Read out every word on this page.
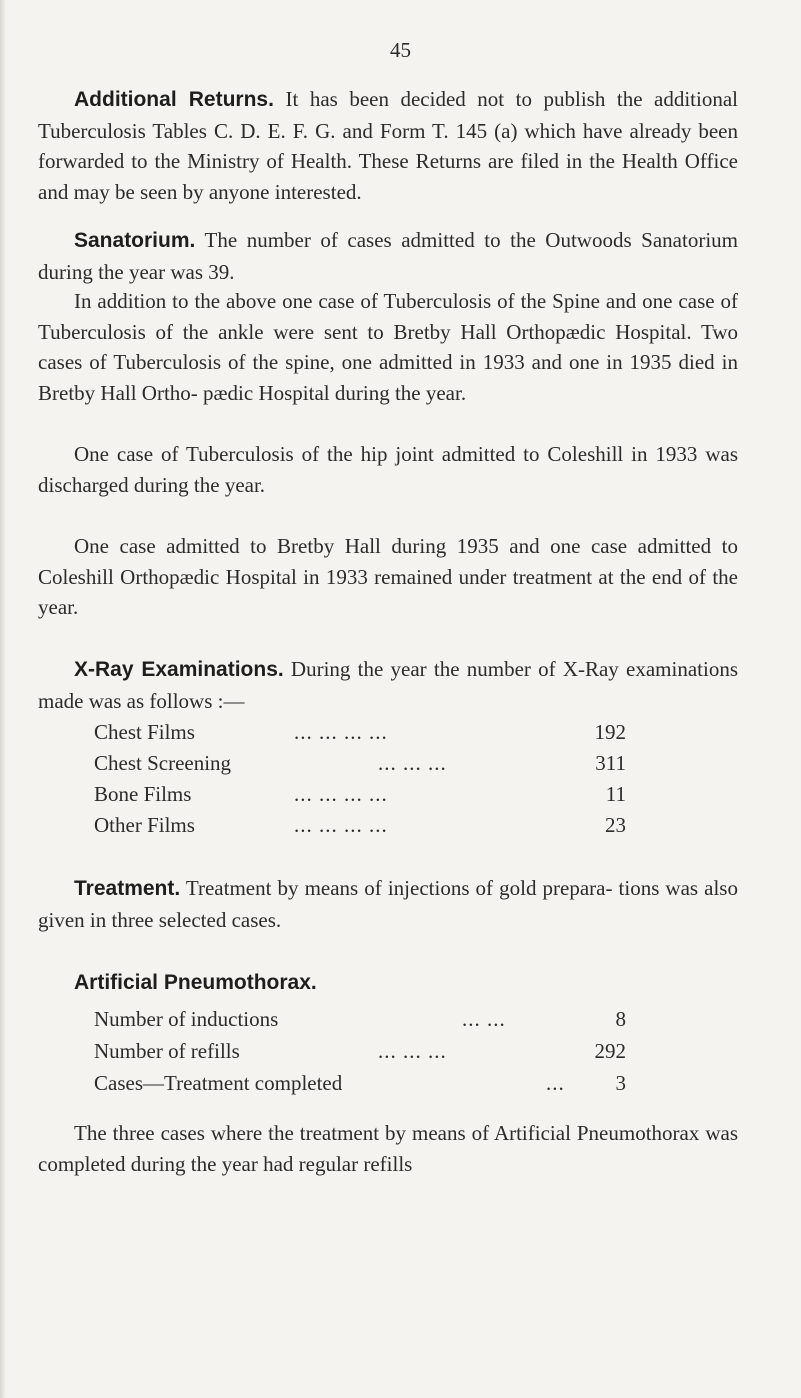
45

Additional Returns. It has been decided not to publish the additional Tuberculosis Tables C. D. E. F. G. and Form T. 145 (a) which have already been forwarded to the Ministry of Health. These Returns are filed in the Health Office and may be seen by anyone interested.

Sanatorium. The number of cases admitted to the Outwoods Sanatorium during the year was 39.

In addition to the above one case of Tuberculosis of the Spine and one case of Tuberculosis of the ankle were sent to Bretby Hall Orthopædic Hospital. Two cases of Tuberculosis of the spine, one admitted in 1933 and one in 1935 died in Bretby Hall Ortho- pædic Hospital during the year.

One case of Tuberculosis of the hip joint admitted to Coleshill in 1933 was discharged during the year.

One case admitted to Bretby Hall during 1935 and one case admitted to Coleshill Orthopædic Hospital in 1933 remained under treatment at the end of the year.

X-Ray Examinations. During the year the number of X-Ray examinations made was as follows :—

Chest Films	... ... ... ...	192
Chest Screening	... ... ...	311
Bone Films	... ... ... ...	11
Other Films	... ... ... ...	23

Treatment. Treatment by means of injections of gold prepara- tions was also given in three selected cases.

Artificial Pneumothorax.

Number of inductions	... ...	8
Number of refills	... ... ...	292
Cases—Treatment completed	... 3

The three cases where the treatment by means of Artificial Pneumothorax was completed during the year had regular refills
